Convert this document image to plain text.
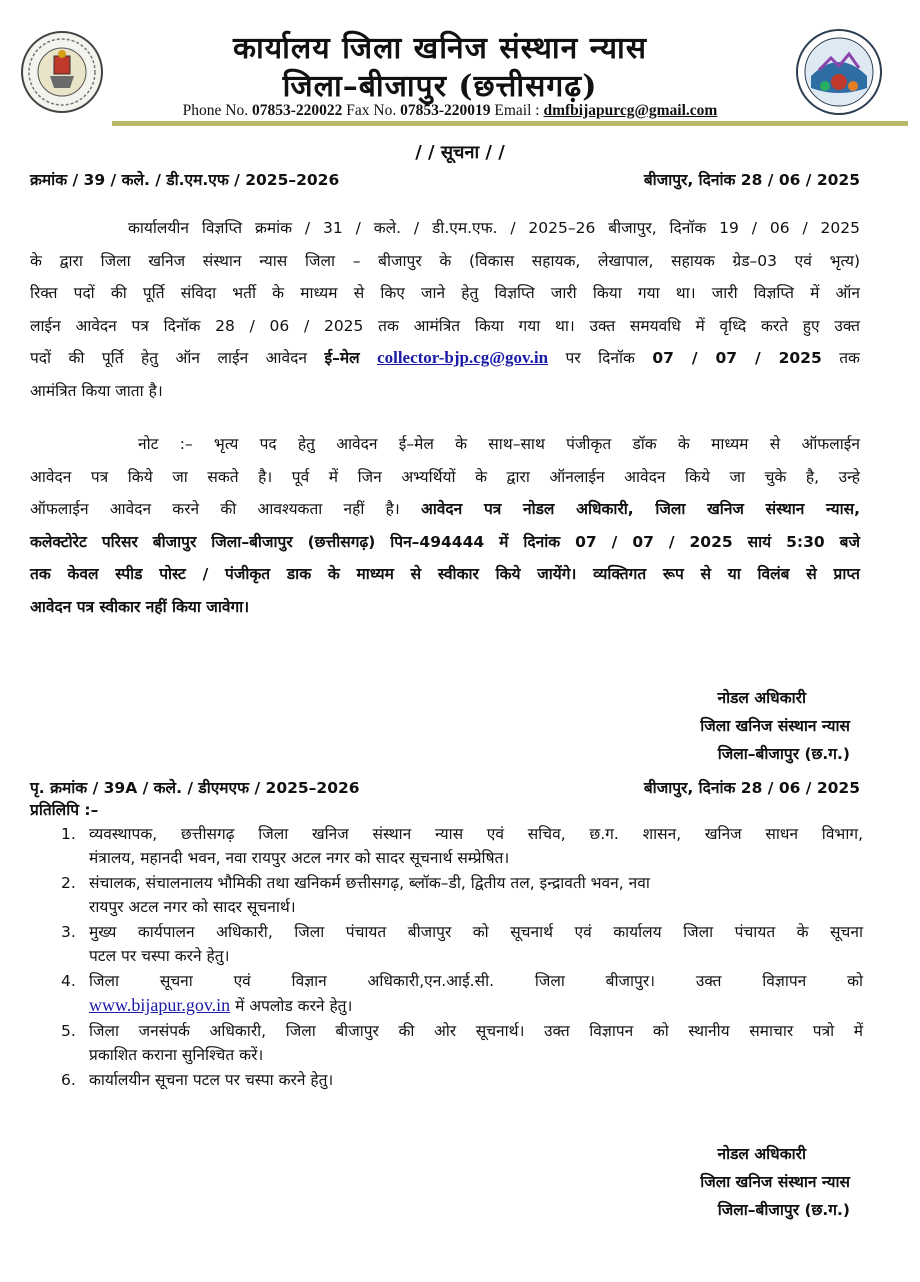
कार्यालय जिला खनिज संस्थान न्यास
जिला–बीजापुर (छत्तीसगढ़)
Phone No. 07853-220022 Fax No. 07853-220019 Email : dmfbijapurcg@gmail.com
/ / सूचना / /
क्रमांक / 39 / कले. / डी.एम.एफ / 2025–2026	बीजापुर, दिनांक 28 / 06 / 2025
कार्यालयीन विज्ञप्ति क्रमांक / 31 / कले. / डी.एम.एफ. / 2025–26 बीजापुर, दिनॉक 19 / 06 / 2025
के द्वारा जिला खनिज संस्थान न्यास जिला – बीजापुर के (विकास सहायक, लेखापाल, सहायक ग्रेड–03 एवं भृत्य)
रिक्त पदों की पूर्ति संविदा भर्ती के माध्यम से किए जाने हेतु विज्ञप्ति जारी किया गया था। जारी विज्ञप्ति में ऑन
लाईन आवेदन पत्र दिनॉक 28 / 06 / 2025 तक आमंत्रित किया गया था। उक्त समयवधि में वृध्दि करते हुए उक्त
पदों की पूर्ति हेतु ऑन लाईन आवेदन ई–मेल collector-bjp.cg@gov.in पर दिनॉक 07 / 07 / 2025 तक
आमंत्रित किया जाता है।
नोट :– भृत्य पद हेतु आवेदन ई–मेल के साथ–साथ पंजीकृत डॉक के माध्यम से ऑफलाईन
आवेदन पत्र किये जा सकते है। पूर्व में जिन अभ्यर्थियों के द्वारा ऑनलाईन आवेदन किये जा चुके है, उन्हे
ऑफलाईन आवेदन करने की आवश्यकता नहीं है। आवेदन पत्र नोडल अधिकारी, जिला खनिज संस्थान न्यास,
कलेक्टोरेट परिसर बीजापुर जिला–बीजापुर (छत्तीसगढ़) पिन–494444 में दिनांक 07 / 07 / 2025 सायं 5:30 बजे
तक केवल स्पीड पोस्ट / पंजीकृत डाक के माध्यम से स्वीकार किये जायेंगे। व्यक्तिगत रूप से या विलंब से प्राप्त
आवेदन पत्र स्वीकार नहीं किया जावेगा।
नोडल अधिकारी
जिला खनिज संस्थान न्यास
जिला–बीजापुर (छ.ग.)
पृ. क्रमांक / 39A / कले. / डीएमएफ / 2025–2026	बीजापुर, दिनांक 28 / 06 / 2025
प्रतिलिपि :–
1. व्यवस्थापक, छत्तीसगढ़ जिला खनिज संस्थान न्यास एवं सचिव, छ.ग. शासन, खनिज साधन विभाग,
मंत्रालय, महानदी भवन, नवा रायपुर अटल नगर को सादर सूचनार्थ सम्प्रेषित।
2. संचालक, संचालनालय भौमिकी तथा खनिकर्म छत्तीसगढ़, ब्लॉक–डी, द्वितीय तल, इन्द्रावती भवन, नवा
रायपुर अटल नगर को सादर सूचनार्थ।
3. मुख्य कार्यपालन अधिकारी, जिला पंचायत बीजापुर को सूचनार्थ एवं कार्यालय जिला पंचायत के सूचना
पटल पर चस्पा करने हेतु।
4. जिला सूचना एवं विज्ञान अधिकारी,एन.आई.सी. जिला बीजापुर। उक्त विज्ञापन को
www.bijapur.gov.in में अपलोड करने हेतु।
5. जिला जनसंपर्क अधिकारी, जिला बीजापुर की ओर सूचनार्थ। उक्त विज्ञापन को स्थानीय समाचार पत्रो में
प्रकाशित कराना सुनिश्चित करें।
6. कार्यालयीन सूचना पटल पर चस्पा करने हेतु।
नोडल अधिकारी
जिला खनिज संस्थान न्यास
जिला–बीजापुर (छ.ग.)
